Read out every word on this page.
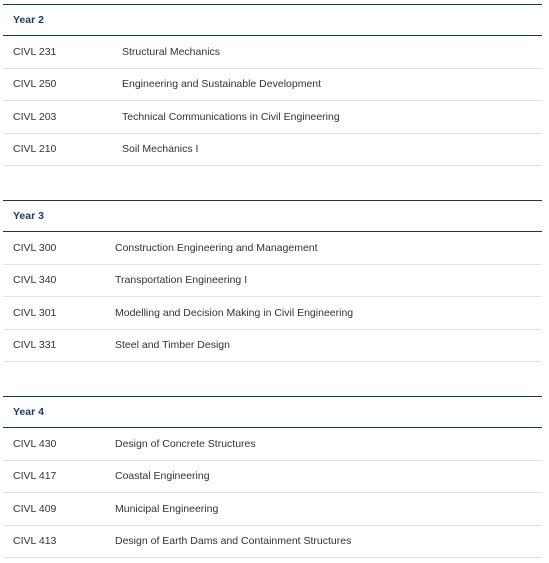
Year 2
CIVL 231	Structural Mechanics
CIVL 250	Engineering and Sustainable Development
CIVL 203	Technical Communications in Civil Engineering
CIVL 210	Soil Mechanics I
Year 3
CIVL 300	Construction Engineering and Management
CIVL 340	Transportation Engineering I
CIVL 301	Modelling and Decision Making in Civil Engineering
CIVL 331	Steel and Timber Design
Year 4
CIVL 430	Design of Concrete Structures
CIVL 417	Coastal Engineering
CIVL 409	Municipal Engineering
CIVL 413	Design of Earth Dams and Containment Structures
